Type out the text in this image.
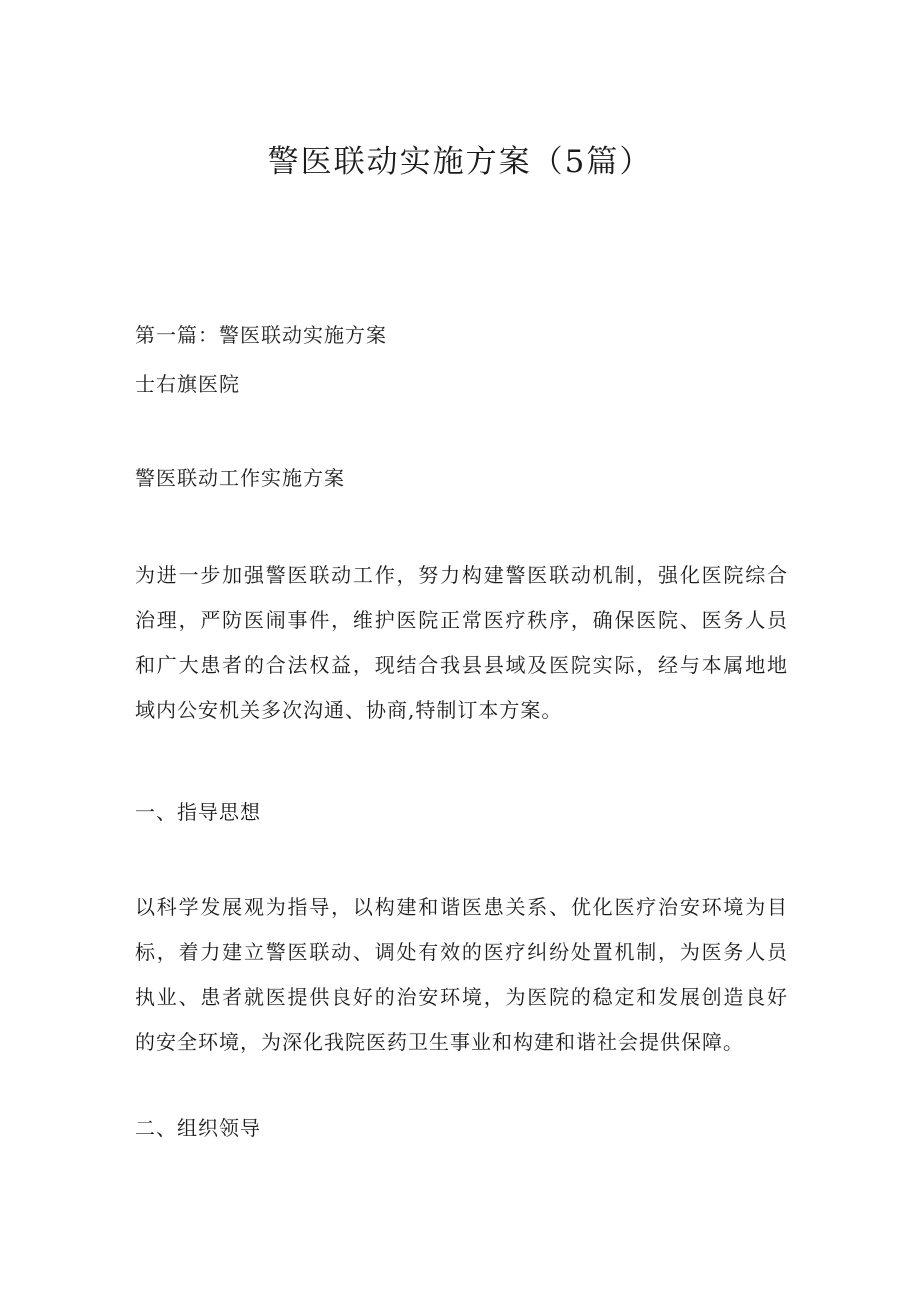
警医联动实施方案（5篇）

第一篇：警医联动实施方案

士右旗医院

警医联动工作实施方案

为进一步加强警医联动工作，努力构建警医联动机制，强化医院综合
治理，严防医闹事件，维护医院正常医疗秩序，确保医院、医务人员
和广大患者的合法权益，现结合我县县域及医院实际，经与本属地地
域内公安机关多次沟通、协商,特制订本方案。

一、指导思想

以科学发展观为指导，以构建和谐医患关系、优化医疗治安环境为目
标，着力建立警医联动、调处有效的医疗纠纷处置机制，为医务人员
执业、患者就医提供良好的治安环境，为医院的稳定和发展创造良好
的安全环境，为深化我院医药卫生事业和构建和谐社会提供保障。

二、组织领导
